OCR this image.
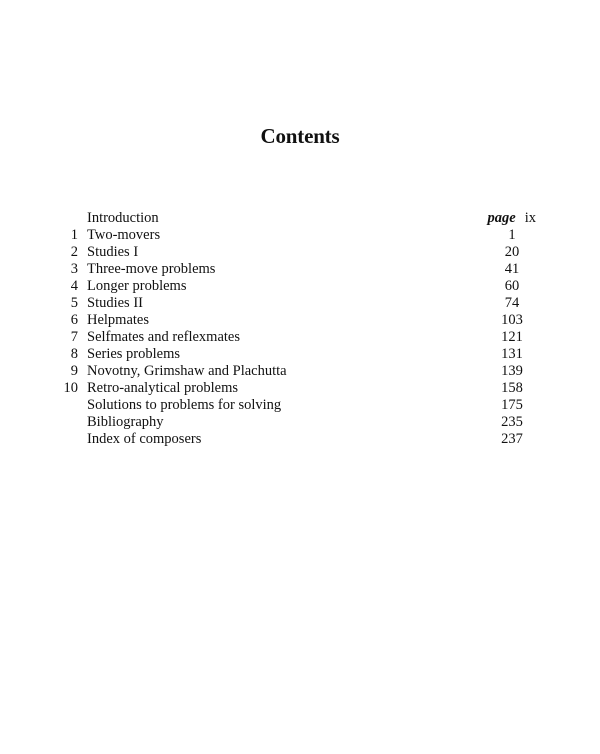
Contents
Introduction	page ix
1 Two-movers	1
2 Studies I	20
3 Three-move problems	41
4 Longer problems	60
5 Studies II	74
6 Helpmates	103
7 Selfmates and reflexmates	121
8 Series problems	131
9 Novotny, Grimshaw and Plachutta	139
10 Retro-analytical problems	158
Solutions to problems for solving	175
Bibliography	235
Index of composers	237
